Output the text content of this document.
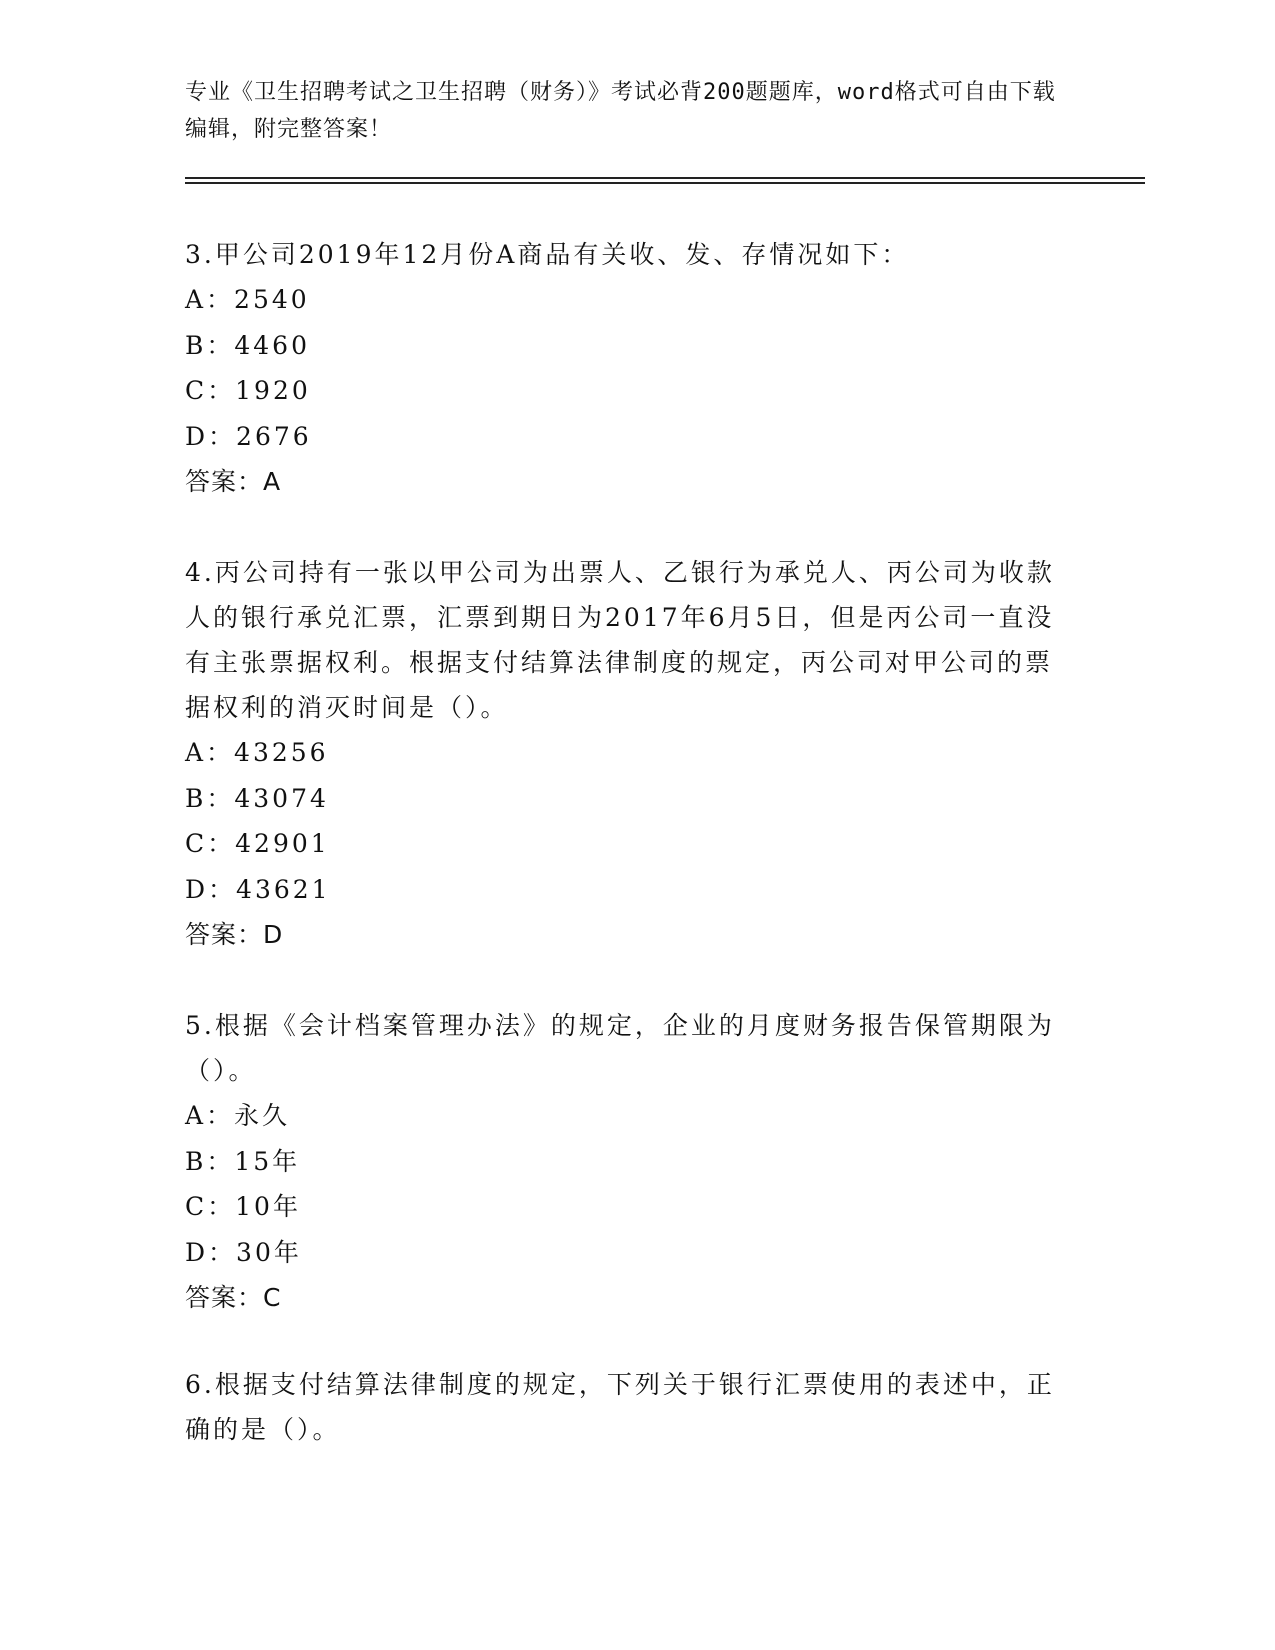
专业《卫生招聘考试之卫生招聘（财务）》考试必背200题题库，word格式可自由下载编辑，附完整答案！
3.甲公司2019年12月份A商品有关收、发、存情况如下：
A：2540
B：4460
C：1920
D：2676
答案：A
4.丙公司持有一张以甲公司为出票人、乙银行为承兑人、丙公司为收款人的银行承兑汇票，汇票到期日为2017年6月5日，但是丙公司一直没有主张票据权利。根据支付结算法律制度的规定，丙公司对甲公司的票据权利的消灭时间是（）。
A：43256
B：43074
C：42901
D：43621
答案：D
5.根据《会计档案管理办法》的规定，企业的月度财务报告保管期限为（）。
A：永久
B：15年
C：10年
D：30年
答案：C
6.根据支付结算法律制度的规定，下列关于银行汇票使用的表述中，正确的是（）。
